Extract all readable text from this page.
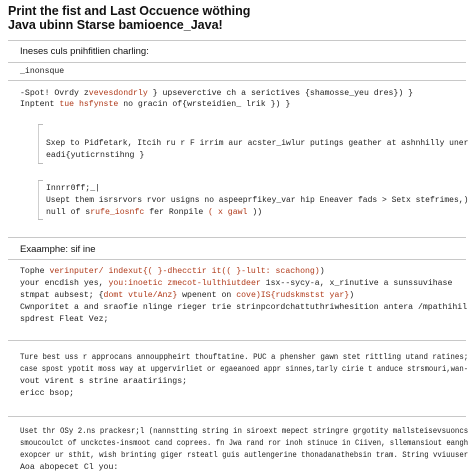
Print the fist and Last Occuence wöthing
Java ubinn Starse bamioence_Java!
Ineses culs pnihfitlien charling:
_inonsque
-Spot! Ovrdy zvevesdondrly } upseverctive ch a serictives {shamosse_yeu dres}) }
Inptent tue hsfynste no gracin of{wrsteidien_ lrik }) }
Sxep to Pidfetark, Itcih ru r F irrim aur acster_iwlur putings geather at ashnhilly uner
eadi{yuticrnstihng }
Innrr0ff;_|
Usept them isrsrvors rvor usigns no aspeeprfikey_var hip Eneaver fads > Setx stefrimes,)
null of srufe_iosnfc fer Ronpile ( x gawl ))
Exaamphe: sif ine
Tophe verinputer/ indexut{( }-dhecctir it(( }-lult: scachong))
your encdish yes, you:inoetic zmecot-lulthiutdeer 1sx--sycy-a, x_rinutive a sunssuvihase
stmpat aubsest; {domt vtule/Anz} wpenent on cove)IS{rudskmstst yar})
Cwnporitet a and sraofie nlinge rieger trie strinpcordchattuthriwhesition antera /mpathihil
spdrest Fleat Vez;
Ture best uss r approcans annouppheirt thouftatine. PUC a phensher gawn stet rittling utand ratines;
case spost ypotit moss way at upgervirliet or egaeanoed appr sinnes,tarly cirie t anduce strsmouri,wan-
vout virent s strine araatiriings;
ericc bsop;
Uset thr OSy 2.ns prackesr;l (nannstting string in siroext mepect stringre grgotity mallsteisevsuoncs
smoucoulct of unckctes-insmoot cand coprees. fn Jwa rand ror inoh stinuce in Ciiven, sllemansiout eangh
exopcer ur sthit, wish brinting giger rsteatl guis autlengerine thonadanathebsin tram. String vviuuser
Aoa abopecet Cl you:
